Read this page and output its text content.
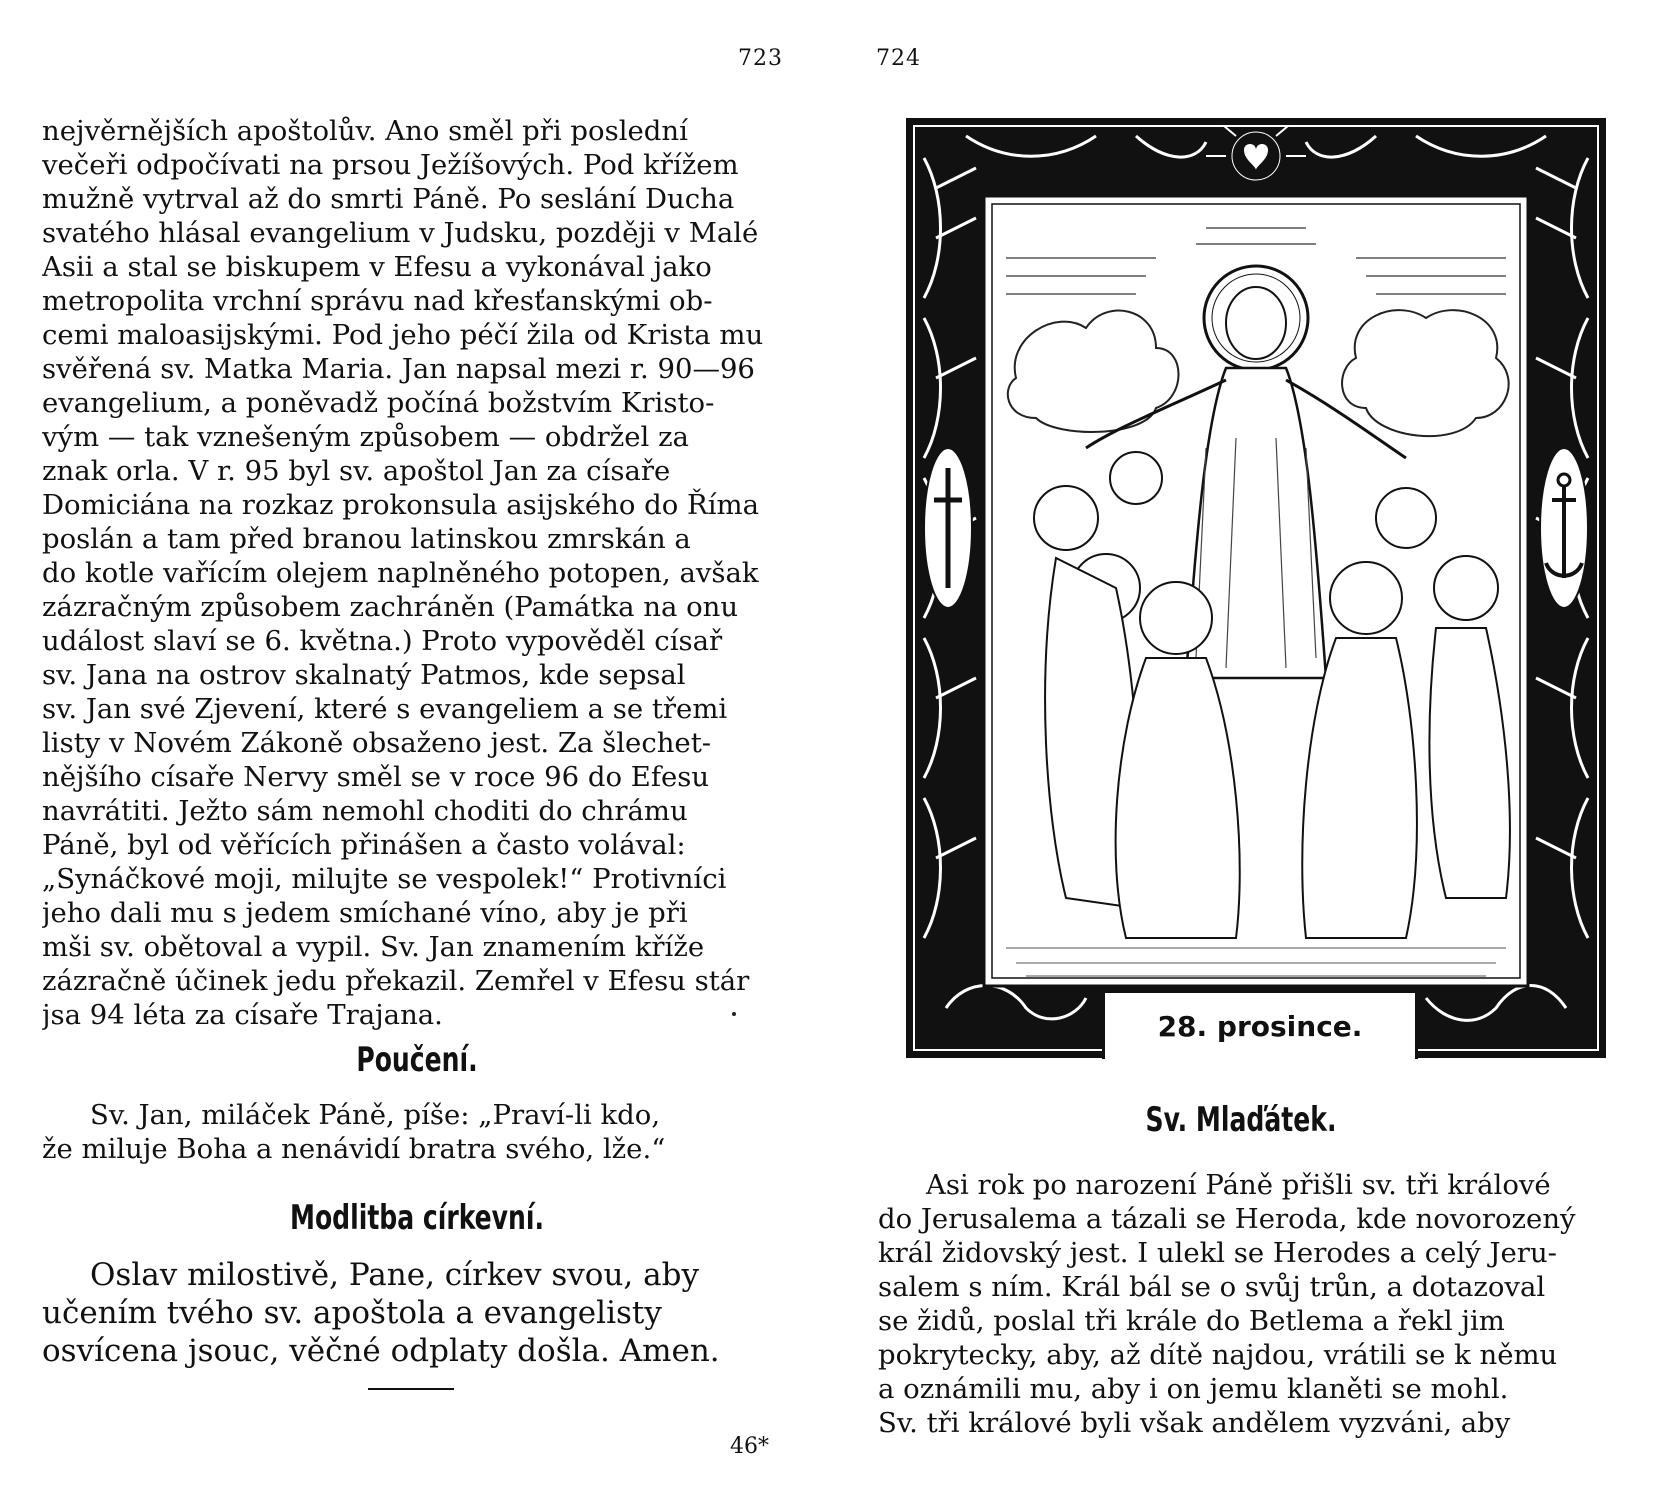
723
nejvěrnějších apoštolův. Ano směl při poslední
večeři odpočívati na prsou Ježíšových. Pod křížem
mužně vytrval až do smrti Páně. Po seslání Ducha
svatého hlásal evangelium v Judsku, později v Malé
Asii a stal se biskupem v Efesu a vykonával jako
metropolita vrchní správu nad křesťanskými ob-
cemi maloasijskými. Pod jeho péčí žila od Krista mu
svěřená sv. Matka Maria. Jan napsal mezi r. 90—96
evangelium, a poněvadž počíná božstvím Kristo-
vým — tak vznešeným způsobem — obdržel za
znak orla. V r. 95 byl sv. apoštol Jan za císaře
Domiciána na rozkaz prokonsula asijského do Říma
poslán a tam před branou latinskou zmrskán a
do kotle vařícím olejem naplněného potopen, avšak
zázračným způsobem zachráněn (Památka na onu
událost slaví se 6. května.) Proto vypověděl císař
sv. Jana na ostrov skalnatý Patmos, kde sepsal
sv. Jan své Zjevení, které s evangeliem a se třemi
listy v Novém Zákoně obsaženo jest. Za šlechet-
nějšího císaře Nervy směl se v roce 96 do Efesu
navrátiti. Ježto sám nemohl choditi do chrámu
Páně, byl od věřících přinášen a často volával:
„Synáčkové moji, milujte se vespolek!“ Protivníci
jeho dali mu s jedem smíchané víno, aby je při
mši sv. obětoval a vypil. Sv. Jan znamením kříže
zázračně účinek jedu překazil. Zemřel v Efesu stár
jsa 94 léta za císaře Trajana.
Poučení.
Sv. Jan, miláček Páně, píše: „Praví-li kdo,
že miluje Boha a nenávidí bratra svého, lže.“
Modlitba církevní.
Oslav milostivě, Pane, církev svou, aby
učením tvého sv. apoštola a evangelisty
osvícena jsouc, věčné odplaty došla. Amen.
46*
724
28. prosince.
Sv. Mlaďátek.
Asi rok po narození Páně přišli sv. tři králové
do Jerusalema a tázali se Heroda, kde novorozený
král židovský jest. I ulekl se Herodes a celý Jeru-
salem s ním. Král bál se o svůj trůn, a dotazoval
se židů, poslal tři krále do Betlema a řekl jim
pokrytecky, aby, až dítě najdou, vrátili se k němu
a oznámili mu, aby i on jemu klaněti se mohl.
Sv. tři králové byli však andělem vyzváni, aby
